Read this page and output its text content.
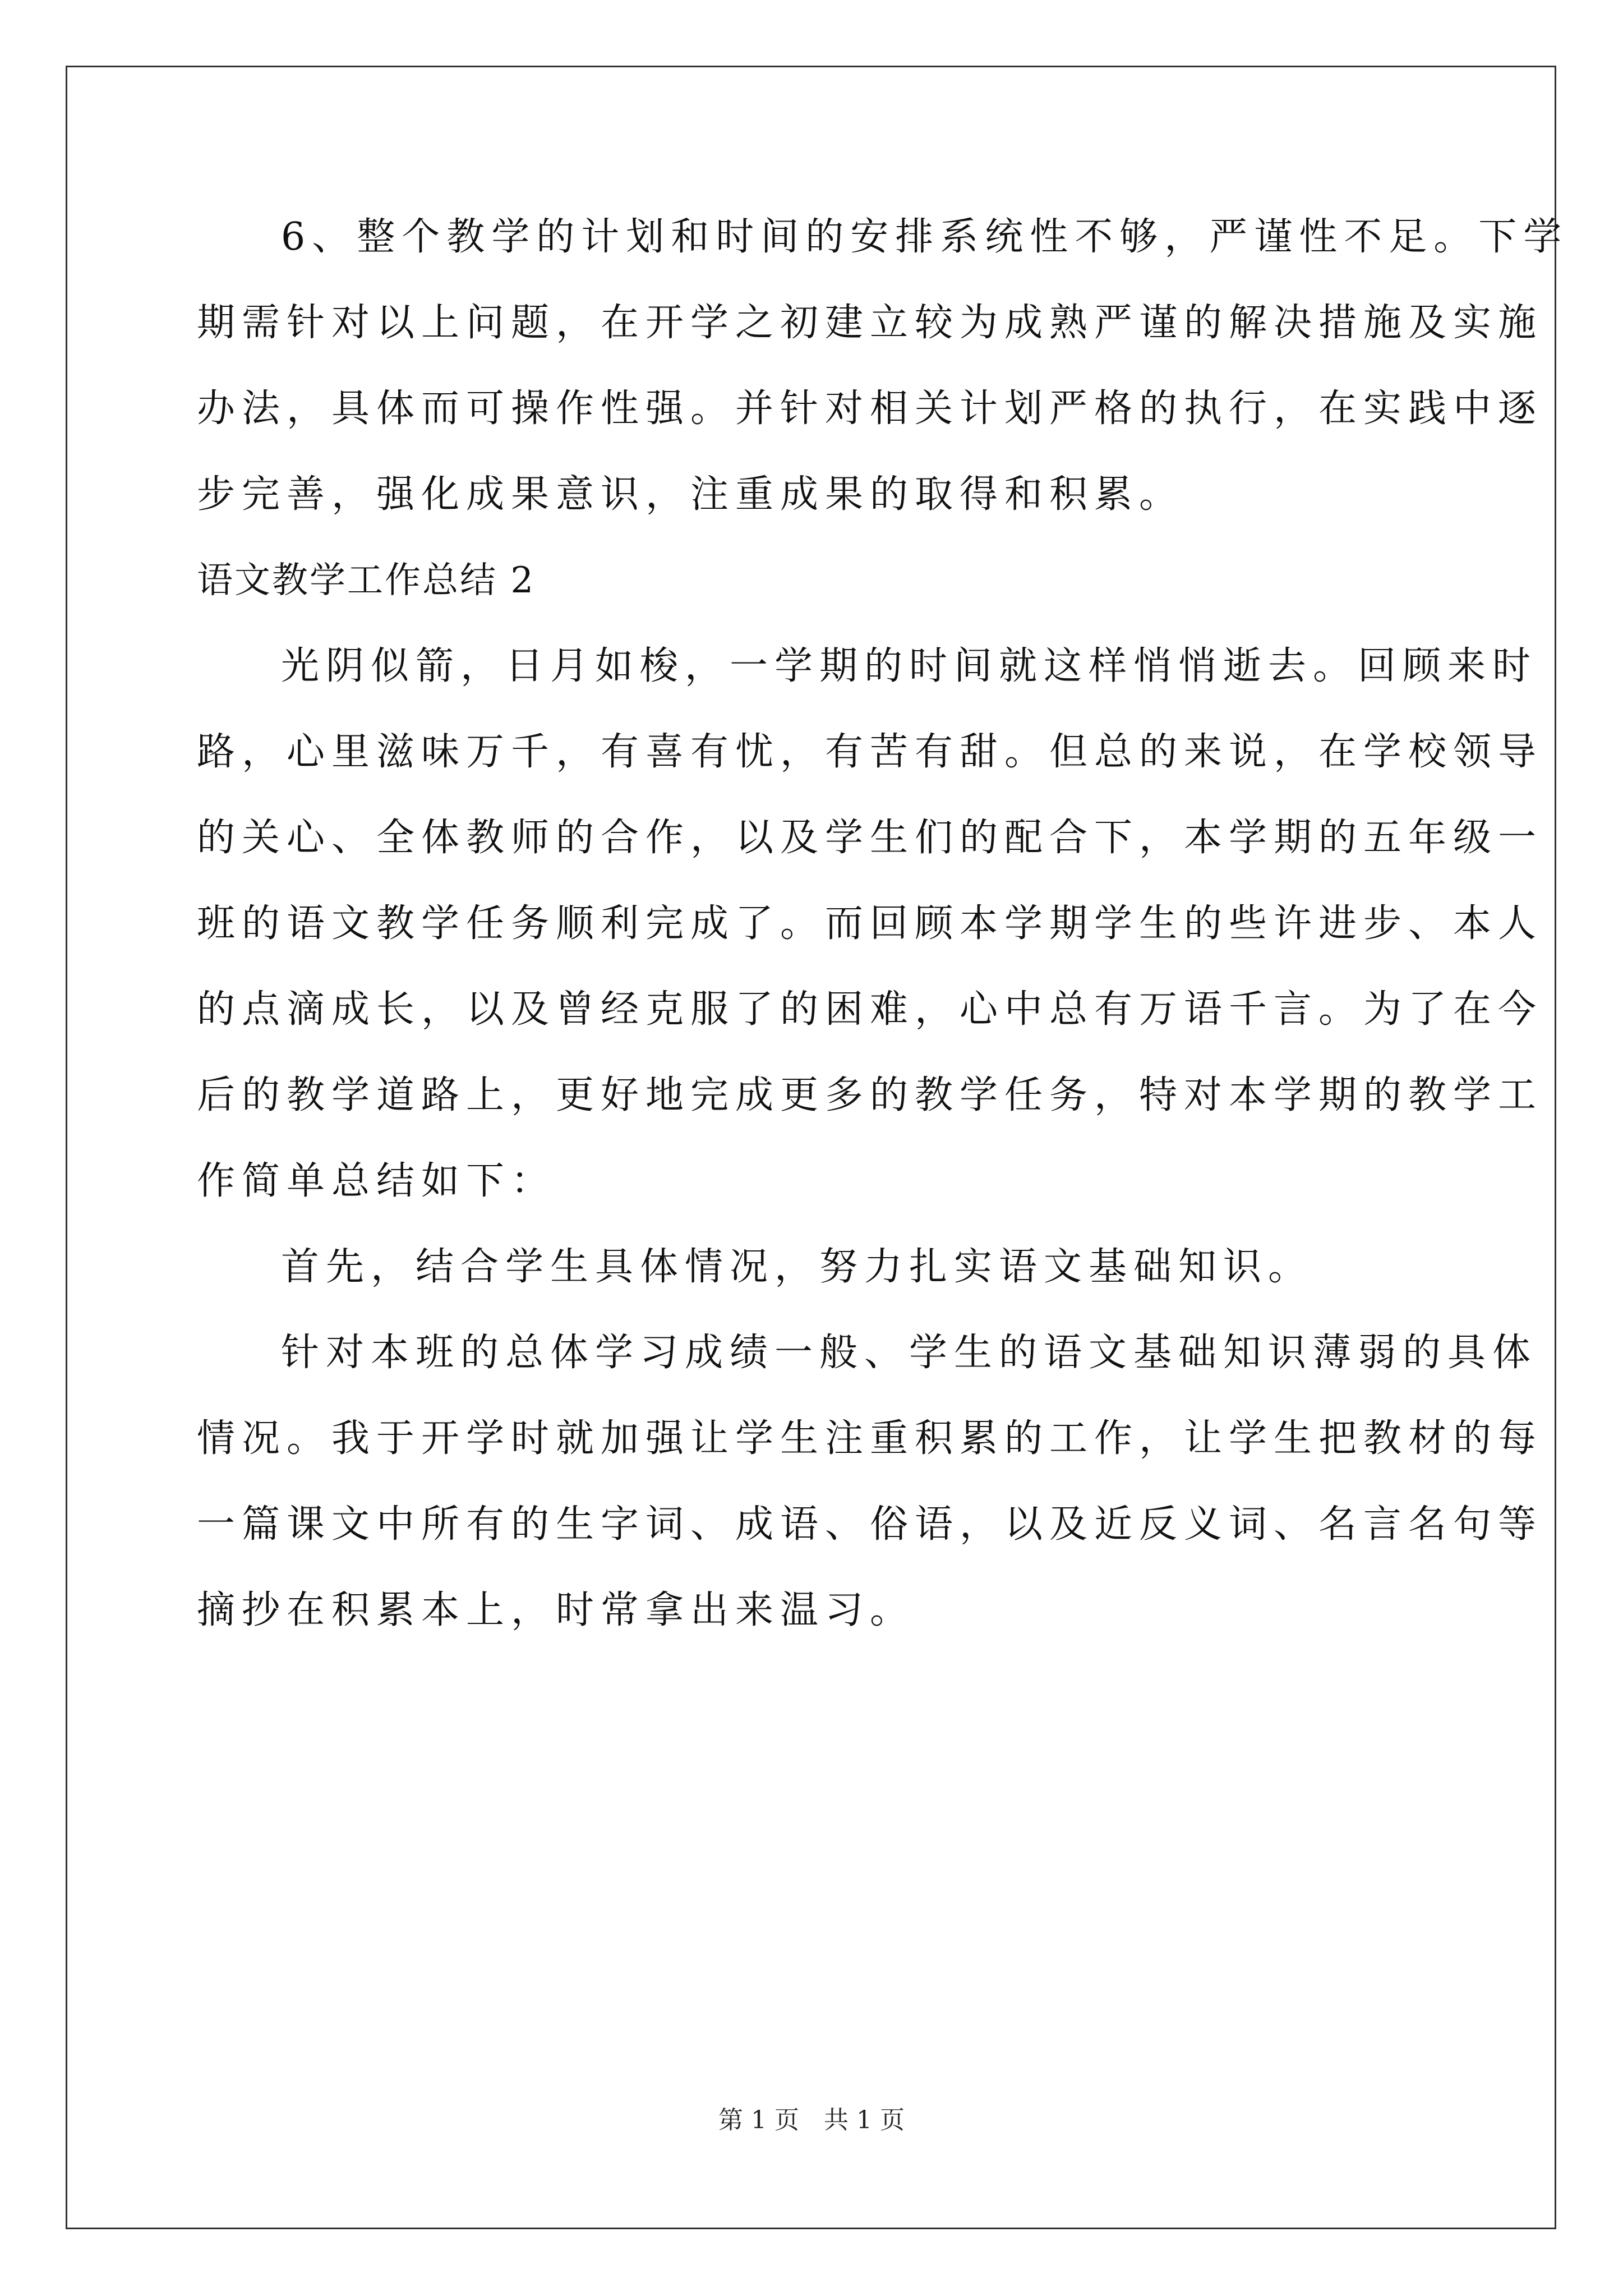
6、整个教学的计划和时间的安排系统性不够，严谨性不足。下学
期需针对以上问题，在开学之初建立较为成熟严谨的解决措施及实施
办法，具体而可操作性强。并针对相关计划严格的执行，在实践中逐
步完善，强化成果意识，注重成果的取得和积累。
语文教学工作总结 2
光阴似箭，日月如梭，一学期的时间就这样悄悄逝去。回顾来时
路，心里滋味万千，有喜有忧，有苦有甜。但总的来说，在学校领导
的关心、全体教师的合作，以及学生们的配合下，本学期的五年级一
班的语文教学任务顺利完成了。而回顾本学期学生的些许进步、本人
的点滴成长，以及曾经克服了的困难，心中总有万语千言。为了在今
后的教学道路上，更好地完成更多的教学任务，特对本学期的教学工
作简单总结如下：
首先，结合学生具体情况，努力扎实语文基础知识。
针对本班的总体学习成绩一般、学生的语文基础知识薄弱的具体
情况。我于开学时就加强让学生注重积累的工作，让学生把教材的每
一篇课文中所有的生字词、成语、俗语，以及近反义词、名言名句等
摘抄在积累本上，时常拿出来温习。
第 1 页　共 1 页
